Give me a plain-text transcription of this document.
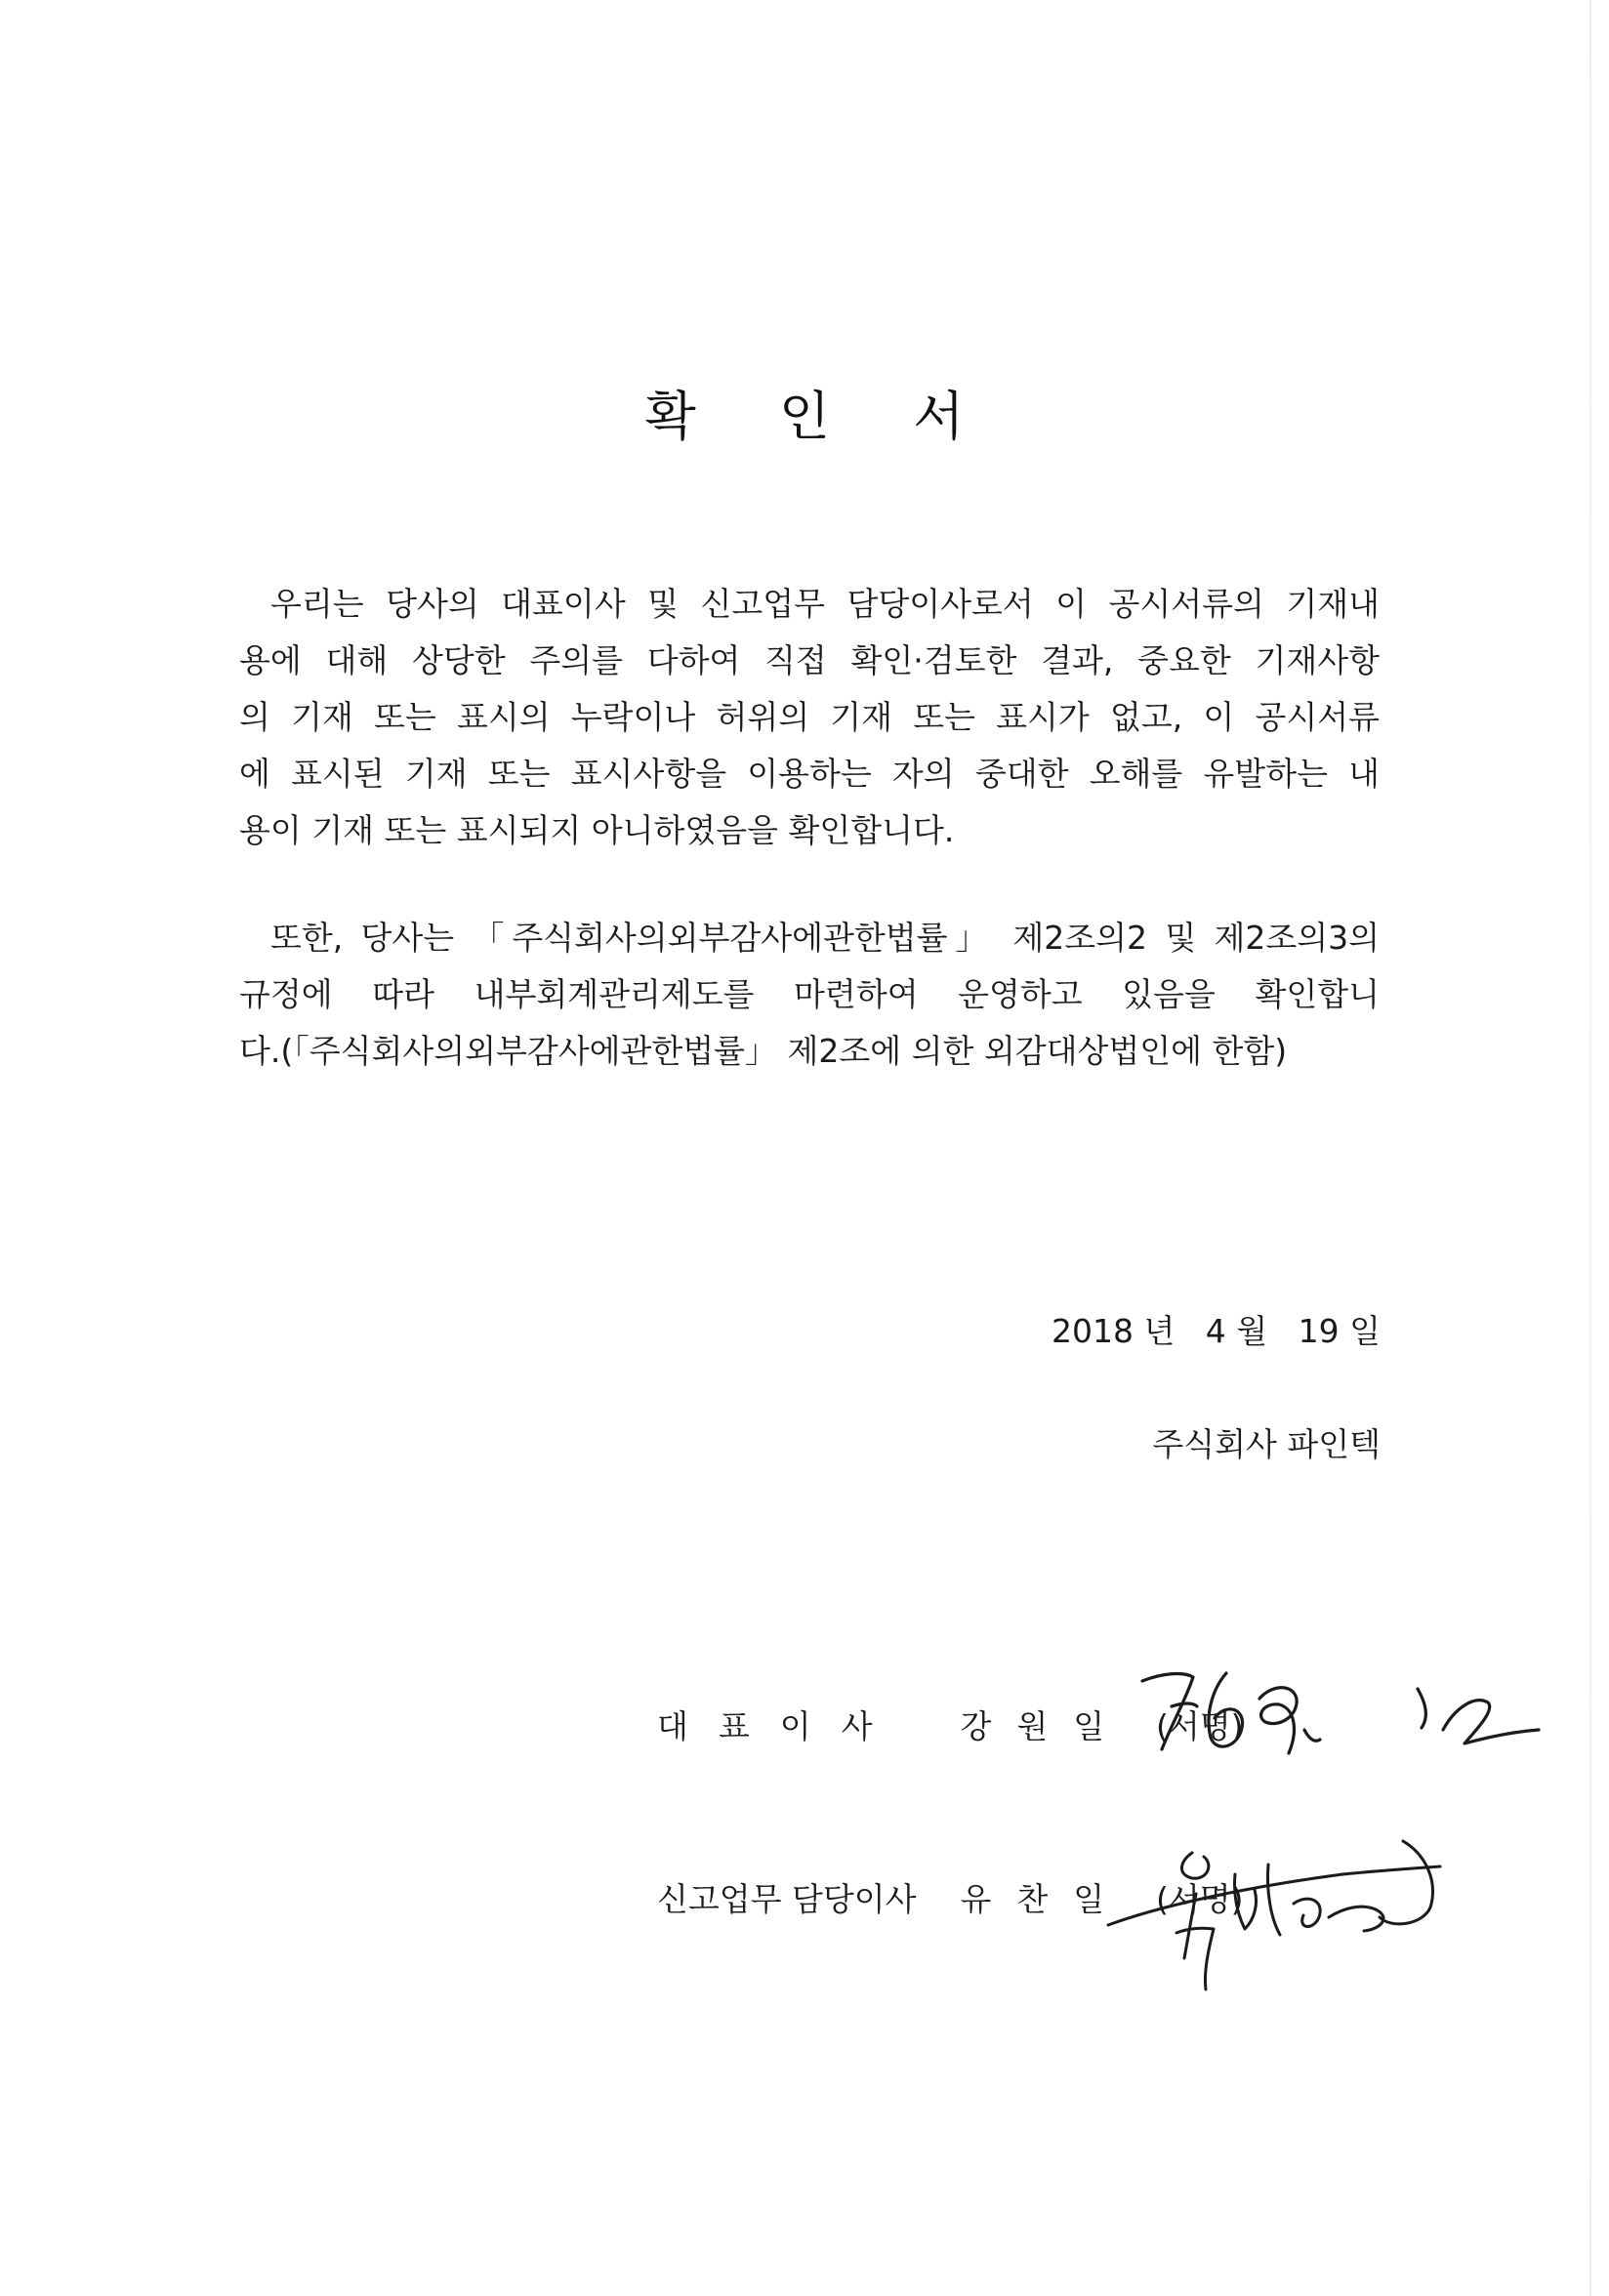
확 인 서

우리는 당사의 대표이사 및 신고업무 담당이사로서 이 공시서류의 기재내
용에 대해 상당한 주의를 다하여 직접 확인·검토한 결과, 중요한 기재사항
의 기재 또는 표시의 누락이나 허위의 기재 또는 표시가 없고, 이 공시서류
에 표시된 기재 또는 표시사항을 이용하는 자의 중대한 오해를 유발하는 내
용이 기재 또는 표시되지 아니하였음을 확인합니다.

또한, 당사는 「주식회사의외부감사에관한법률」 제2조의2 및 제2조의3의
규정에 따라 내부회계관리제도를 마련하여 운영하고 있음을 확인합니
다.(「주식회사의외부감사에관한법률」 제2조에 의한 외감대상법인에 한함)

2018 년   4 월   19 일
주식회사 파인텍
대표이사 강원일 (서명)
신고업무 담당이사 유찬일 (서명)
